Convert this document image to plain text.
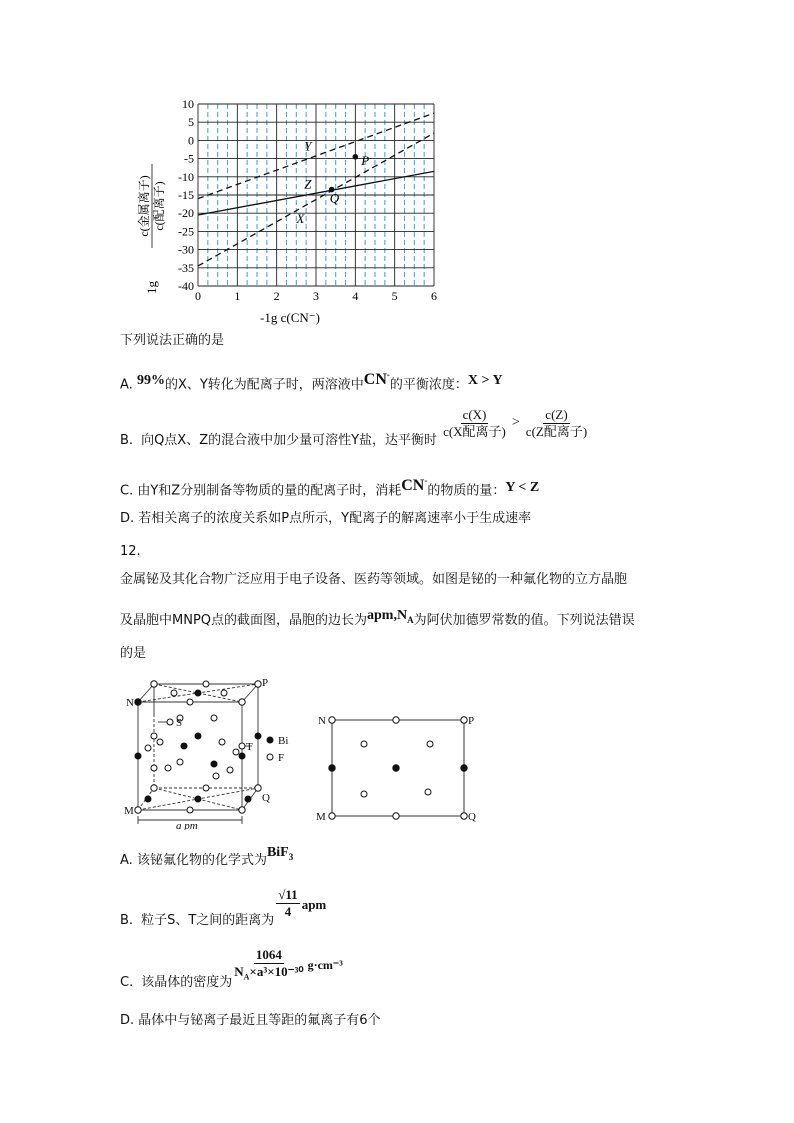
1g
c(金属离子) c(配离子)
0	1	2	3	4	5	6
10
5
0
-5
-10
-15
-20
-25
-30
-35
-40
Y
P
Z
Q
X
-1g c(CN⁻)
下列说法正确的是
A. 99%的X、Y转化为配离子时，两溶液中CN-的平衡浓度：X > Y
B. 向Q点X、Z的混合液中加少量可溶性Y盐，达平衡时
$\frac{c(X)}{\text{c(X配离子)}} > \frac{c(Z)}{\text{c(Z配离子)}}$
C. 由Y和Z分别制备等物质的量的配离子时，消耗CN-的物质的量：Y < Z
D. 若相关离子的浓度关系如P点所示，Y配离子的解离速率小于生成速率
12.
金属铋及其化合物广泛应用于电子设备、医药等领域。如图是铋的一种氟化物的立方晶胞
及晶胞中MNPQ点的截面图，晶胞的边长为$apm,N_A$为阿伏加德罗常数的值。下列说法错误
的是
N
P
M
Q
S
T
a pm
Bi
F
N	P
M	Q
A. 该铋氟化物的化学式为BiF$_3$
B. 粒子S、T之间的距离为
$\frac{√11}{4}$ apm
C. 该晶体的密度为 $\frac{1064}{N_A\times a^3\times 10^{-30}} g\cdot cm^{-3}$
D. 晶体中与铋离子最近且等距的氟离子有6个
